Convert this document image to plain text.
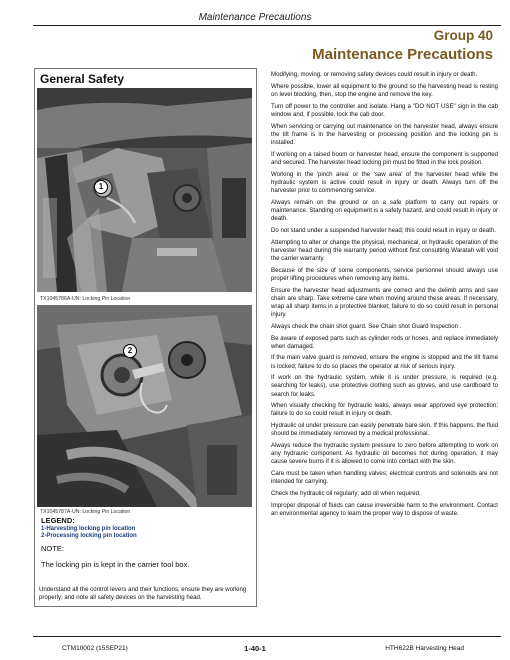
Maintenance Precautions
Group 40
Maintenance Precautions
General Safety
1
TX1045786A-UN: Locking Pin Location
2
TX1045787A-UN: Locking Pin Location
LEGEND:
1-Harvesting locking pin location
2-Processing locking pin location
NOTE:
The locking pin is kept in the carrier tool box.
Understand all the control levers and their functions; ensure they are working properly; and note all safety devices on the harvesting head.

Modifying, moving, or removing safety devices could result in injury or death.

Where possible, lower all equipment to the ground so the harvesting head is resting on level blocking, then, stop the engine and remove the key.

Turn off power to the controller and isolate. Hang a "DO NOT USE" sign in the cab window and, if possible, lock the cab door.

When servicing or carrying out maintenance on the harvester head, always ensure the tilt frame is in the harvesting or processing position and the locking pin is installed.

If working on a raised boom or harvester head, ensure the component is supported and secured. The harvester head locking pin must be fitted in the lock position.

Working in the 'pinch area' or the 'saw area' of the harvester head while the hydraulic system is active could result in injury or death. Always turn off the harvester prior to commencing service.

Always remain on the ground or on a safe platform to carry out repairs or maintenance. Standing on equipment is a safety hazard, and could result in injury or death.

Do not stand under a suspended harvester head; this could result in injury or death.

Attempting to alter or change the physical, mechanical, or hydraulic operation of the harvester head during the warranty period without first consulting Waratah will void the carrier warranty.

Because of the size of some components, service personnel should always use proper lifting procedures when removing any items.

Ensure the harvester head adjustments are correct and the delimb arms and saw chain are sharp. Take extreme care when moving around these areas. If necessary, wrap all sharp items in a protective blanket; failure to do so could result in personal injury.

Always check the chain shot guard. See Chain shot Guard Inspection .

Be aware of exposed parts such as cylinder rods or hoses, and replace immediately when damaged.

If the main valve guard is removed, ensure the engine is stopped and the tilt frame is locked; failure to do so places the operator at risk of serious injury.

If work on the hydraulic system, while it is under pressure, is required (e.g. searching for leaks), use protective clothing such as gloves, and use cardboard to search for leaks.

When visually checking for hydraulic leaks, always wear approved eye protection; failure to do so could result in injury or death.

Hydraulic oil under pressure can easily penetrate bare skin. If this happens, the fluid should be immediately removed by a medical professional.

Always reduce the hydraulic system pressure to zero before attempting to work on any hydraulic component. As hydraulic oil becomes hot during operation, it may cause severe burns if it is allowed to come into contact with the skin.

Care must be taken when handling valves; electrical controls and solenoids are not intended for carrying.

Check the hydraulic oil regularly; add oil when required.

Improper disposal of fluids can cause irreversible harm to the environment. Contact an environmental agency to learn the proper way to dispose of waste.

CTM10002 (15SEP21)	1-40-1	HTH622B Harvesting Head
